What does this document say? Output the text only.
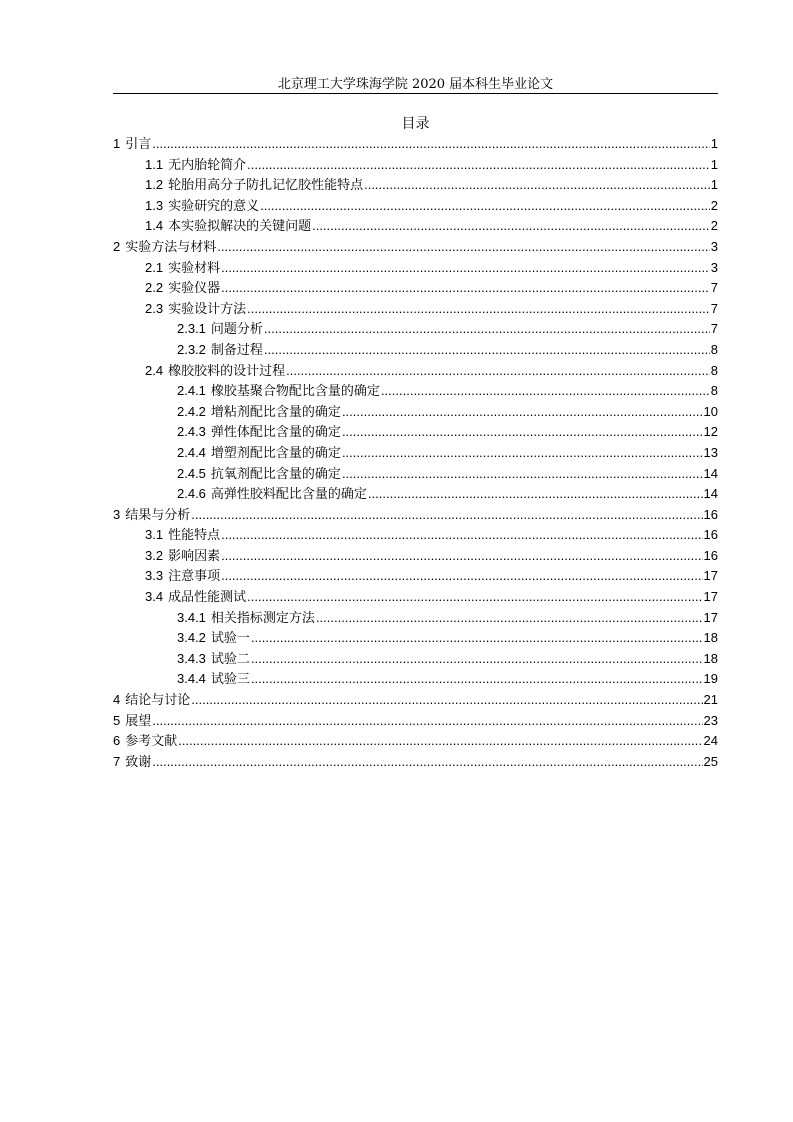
北京理工大学珠海学院 2020 届本科生毕业论文
目录
1 引言 .....	1
1.1 无内胎轮简介 .....	1
1.2 轮胎用高分子防扎记忆胶性能特点 .....	1
1.3 实验研究的意义 .....	2
1.4 本实验拟解决的关键问题 .....	2
2 实验方法与材料 .....	3
2.1 实验材料 .....	3
2.2 实验仪器 .....	7
2.3 实验设计方法 .....	7
2.3.1 问题分析 .....	7
2.3.2 制备过程 .....	8
2.4 橡胶胶料的设计过程 .....	8
2.4.1 橡胶基聚合物配比含量的确定 .....	8
2.4.2 增粘剂配比含量的确定 .....	10
2.4.3 弹性体配比含量的确定 .....	12
2.4.4 增塑剂配比含量的确定 .....	13
2.4.5 抗氧剂配比含量的确定 .....	14
2.4.6 高弹性胶料配比含量的确定 .....	14
3 结果与分析 .....	16
3.1 性能特点 .....	16
3.2 影响因素 .....	16
3.3 注意事项 .....	17
3.4 成品性能测试 .....	17
3.4.1 相关指标测定方法 .....	17
3.4.2 试验一 .....	18
3.4.3 试验二 .....	18
3.4.4 试验三 .....	19
4 结论与讨论 .....	21
5 展望 .....	23
6 参考文献 .....	24
7 致谢 .....	25
